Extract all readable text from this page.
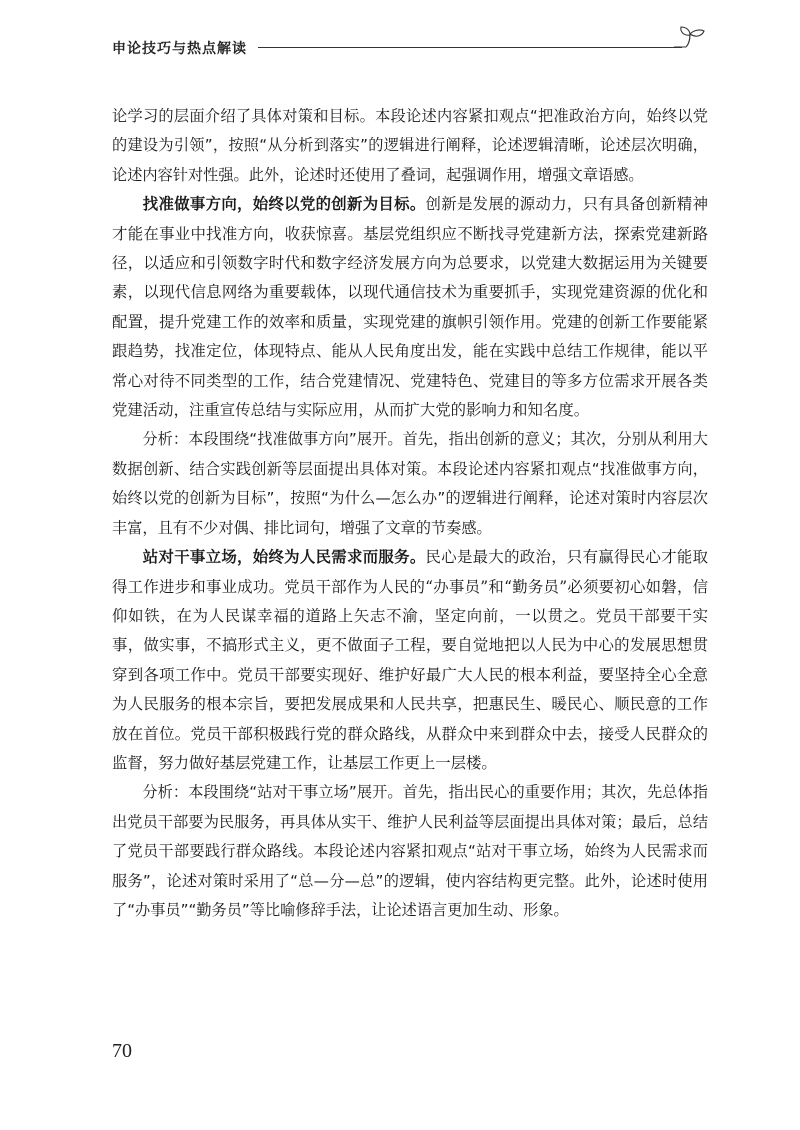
申论技巧与热点解读

论学习的层面介绍了具体对策和目标。本段论述内容紧扣观点“把准政治方向，始终以党的建设为引领”，按照“从分析到落实”的逻辑进行阐释，论述逻辑清晰，论述层次明确，论述内容针对性强。此外，论述时还使用了叠词，起强调作用，增强文章语感。

找准做事方向，始终以党的创新为目标。创新是发展的源动力，只有具备创新精神才能在事业中找准方向，收获惊喜。基层党组织应不断找寻党建新方法，探索党建新路径，以适应和引领数字时代和数字经济发展方向为总要求，以党建大数据运用为关键要素，以现代信息网络为重要载体，以现代通信技术为重要抓手，实现党建资源的优化和配置，提升党建工作的效率和质量，实现党建的旗帜引领作用。党建的创新工作要能紧跟趋势，找准定位，体现特点、能从人民角度出发，能在实践中总结工作规律，能以平常心对待不同类型的工作，结合党建情况、党建特色、党建目的等多方位需求开展各类党建活动，注重宣传总结与实际应用，从而扩大党的影响力和知名度。

分析：本段围绕“找准做事方向”展开。首先，指出创新的意义；其次，分别从利用大数据创新、结合实践创新等层面提出具体对策。本段论述内容紧扣观点“找准做事方向，始终以党的创新为目标”，按照“为什么—怎么办”的逻辑进行阐释，论述对策时内容层次丰富，且有不少对偶、排比词句，增强了文章的节奏感。

站对干事立场，始终为人民需求而服务。民心是最大的政治，只有赢得民心才能取得工作进步和事业成功。党员干部作为人民的“办事员”和“勤务员”必须要初心如磐，信仰如铁，在为人民谋幸福的道路上矢志不渝，坚定向前，一以贯之。党员干部要干实事，做实事，不搞形式主义，更不做面子工程，要自觉地把以人民为中心的发展思想贯穿到各项工作中。党员干部要实现好、维护好最广大人民的根本利益，要坚持全心全意为人民服务的根本宗旨，要把发展成果和人民共享，把惠民生、暖民心、顺民意的工作放在首位。党员干部积极践行党的群众路线，从群众中来到群众中去，接受人民群众的监督，努力做好基层党建工作，让基层工作更上一层楼。

分析：本段围绕“站对干事立场”展开。首先，指出民心的重要作用；其次，先总体指出党员干部要为民服务，再具体从实干、维护人民利益等层面提出具体对策；最后，总结了党员干部要践行群众路线。本段论述内容紧扣观点“站对干事立场，始终为人民需求而服务”，论述对策时采用了“总—分—总”的逻辑，使内容结构更完整。此外，论述时使用了“办事员”“勤务员”等比喻修辞手法，让论述语言更加生动、形象。

70
